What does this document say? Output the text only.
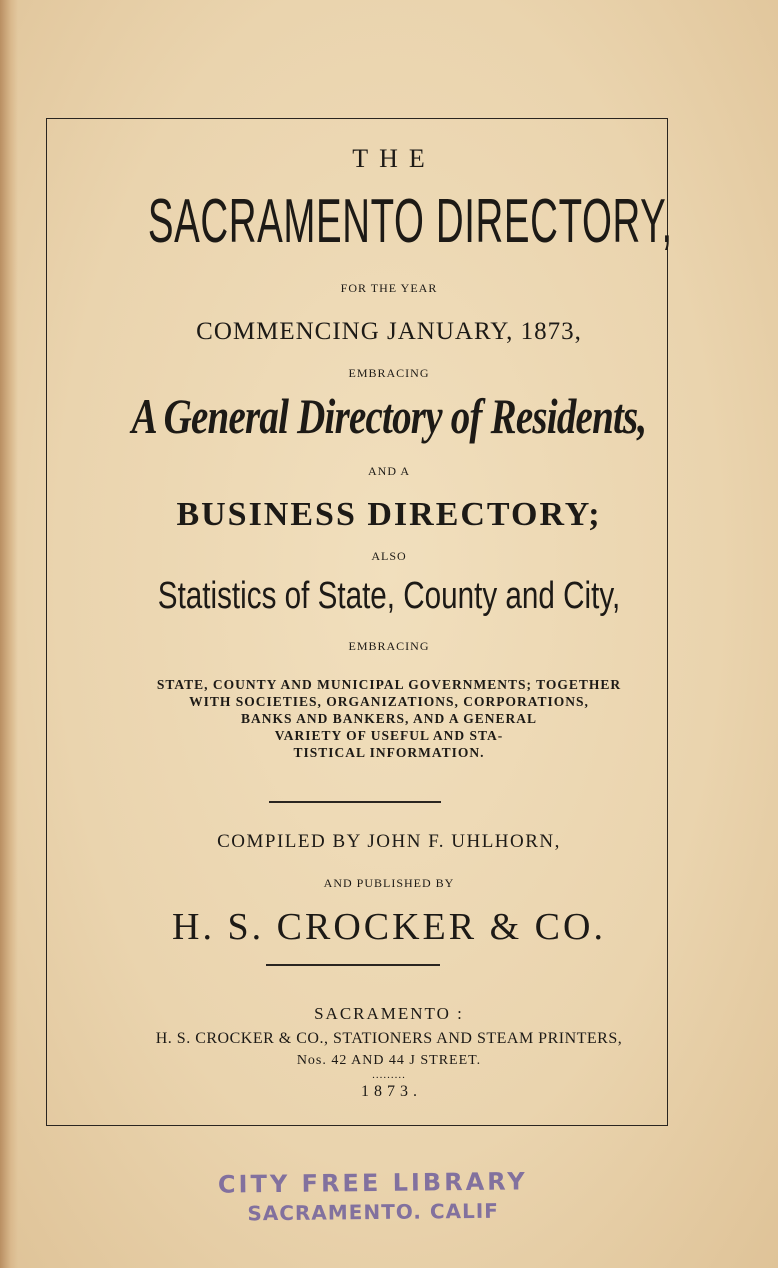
THE
SACRAMENTO DIRECTORY,
FOR THE YEAR
COMMENCING JANUARY, 1873,
EMBRACING
A General Directory of Residents,
AND A
BUSINESS DIRECTORY;
ALSO
Statistics of State, County and City,
EMBRACING
STATE, COUNTY AND MUNICIPAL GOVERNMENTS; TOGETHER
WITH SOCIETIES, ORGANIZATIONS, CORPORATIONS,
BANKS AND BANKERS, AND A GENERAL
VARIETY OF USEFUL AND STA-
TISTICAL INFORMATION.
COMPILED BY JOHN F. UHLHORN,
AND PUBLISHED BY
H. S. CROCKER & CO.
SACRAMENTO :
H. S. CROCKER & CO., STATIONERS AND STEAM PRINTERS,
Nos. 42 AND 44 J STREET.
.........
1873.
CITY FREE LIBRARY
SACRAMENTO. CALIF
